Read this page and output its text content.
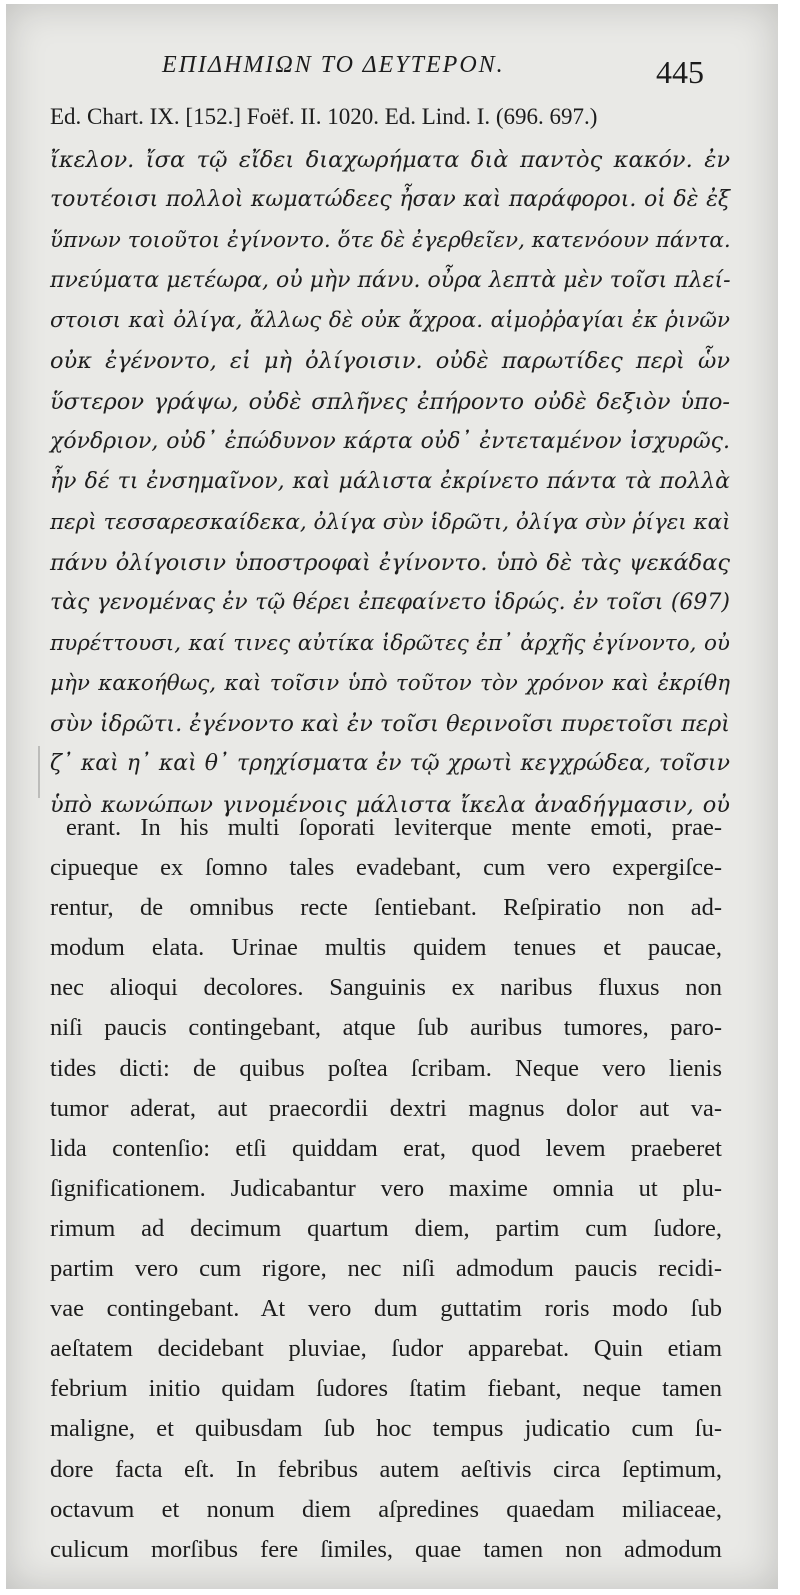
ΕΠΙΔΗΜΙΩΝ ΤΟ ΔΕΥΤΕΡΟΝ.	445
Ed. Chart. IX. [152.] Foëf. II. 1020. Ed. Lind. I. (696. 697.)
ἴκελον. ἴσα τῷ εἴδει διαχωρήματα διὰ παντὸς κακόν. ἐν
τουτέοισι πολλοὶ κωματώδεες ἦσαν καὶ παράφοροι. οἱ δὲ ἐξ
ὕπνων τοιοῦτοι ἐγίνοντο. ὅτε δὲ ἐγερθεῖεν, κατενόουν πάντα.
πνεύματα μετέωρα, οὐ μὴν πάνυ. οὖρα λεπτὰ μὲν τοῖσι πλεί-
στοισι καὶ ὀλίγα, ἄλλως δὲ οὐκ ἄχροα. αἱμοῤῥαγίαι ἐκ ῥινῶν
οὐκ ἐγένοντο, εἰ μὴ ὀλίγοισιν. οὐδὲ παρωτίδες περὶ ὧν
ὕστερον γράψω, οὐδὲ σπλῆνες ἐπήροντο οὐδὲ δεξιὸν ὑπο-
χόνδριον, οὐδ᾽ ἐπώδυνον κάρτα οὐδ᾽ ἐντεταμένον ἰσχυρῶς.
ἦν δέ τι ἐνσημαῖνον, καὶ μάλιστα ἐκρίνετο πάντα τὰ πολλὰ
περὶ τεσσαρεσκαίδεκα, ὀλίγα σὺν ἱδρῶτι, ὀλίγα σὺν ῥίγει καὶ
πάνυ ὀλίγοισιν ὑποστροφαὶ ἐγίνοντο. ὑπὸ δὲ τὰς ψεκάδας
τὰς γενομένας ἐν τῷ θέρει ἐπεφαίνετο ἱδρώς. ἐν τοῖσι (697)
πυρέττουσι, καί τινες αὐτίκα ἱδρῶτες ἐπ᾽ ἀρχῆς ἐγίνοντο, οὐ
μὴν κακοήθως, καὶ τοῖσιν ὑπὸ τοῦτον τὸν χρόνον καὶ ἐκρίθη
σὺν ἱδρῶτι. ἐγένοντο καὶ ἐν τοῖσι θερινοῖσι πυρετοῖσι περὶ
ζ᾽ καὶ η᾽ καὶ θ᾽ τρηχίσματα ἐν τῷ χρωτὶ κεγχρώδεα, τοῖσιν
ὑπὸ κωνώπων γινομένοις μάλιστα ἴκελα ἀναδήγμασιν, οὐ
erant. In his multi ſoporati leviterque mente emoti, prae-
cipueque ex ſomno tales evadebant, cum vero expergiſce-
rentur, de omnibus recte ſentiebant. Reſpiratio non ad-
modum elata. Urinae multis quidem tenues et paucae,
nec alioqui decolores. Sanguinis ex naribus fluxus non
niſi paucis contingebant, atque ſub auribus tumores, paro-
tides dicti: de quibus poſtea ſcribam. Neque vero lienis
tumor aderat, aut praecordii dextri magnus dolor aut va-
lida contenſio: etſi quiddam erat, quod levem praeberet
ſignificationem. Judicabantur vero maxime omnia ut plu-
rimum ad decimum quartum diem, partim cum ſudore,
partim vero cum rigore, nec niſi admodum paucis recidi-
vae contingebant. At vero dum guttatim roris modo ſub
aeſtatem decidebant pluviae, ſudor apparebat. Quin etiam
febrium initio quidam ſudores ſtatim fiebant, neque tamen
maligne, et quibusdam ſub hoc tempus judicatio cum ſu-
dore facta eſt. In febribus autem aeſtivis circa ſeptimum,
octavum et nonum diem aſpredines quaedam miliaceae,
culicum morſibus fere ſimiles, quae tamen non admodum
